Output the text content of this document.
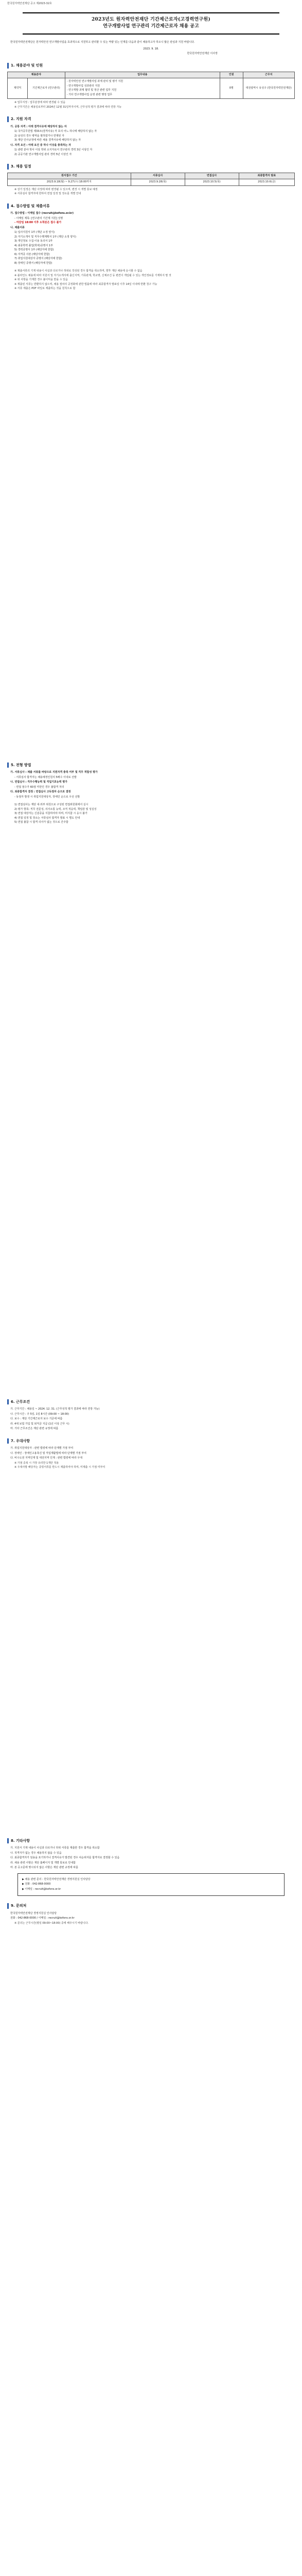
한국원자력안전재단 공고 제2023-32호
2023년도 원자력안전재단 기간제근로자(고경력연구원)
연구개발사업 연구관리 기간제근로자 채용 공고

한국원자력안전재단은 원자력안전 연구개발사업을 효과적으로 지원하고 관리할 수 있는 역량 있는 인재를 다음과 같이 채용하고자 하오니 많은 관심과 지원 바랍니다.

2023. 9. 18.
한국원자력안전재단 이사장
1. 채용분야 및 인원
채용분야		업무내용	인원	근무지
계약직	기간제근로자 (연구관리)	- 원자력안전 연구개발사업 과제 관리 및 평가 지원
- 연구개발사업 성과관리 지원
- 연구개발 과제 협약 및 정산 관련 업무 지원
- 기타 연구개발사업 운영 관련 행정 업무	0명	대전광역시 유성구 (한국원자력안전재단)

※ 업무지정 : 업무분장에 따라 변경될 수 있음

※ 근무기간은 채용일로부터 2024년 12월 31일까지이며, 근무성적 평가 결과에 따라 연장 가능

2. 지원 자격

가. 공통 자격 : 아래 결격사유에 해당하지 않는 자

1) 국가공무원법 제33조(결격사유) 각 호의 어느 하나에 해당하지 않는 자

2) 남성의 경우 병역을 필하였거나 면제된 자

3) 재단 인사규정에 따른 채용 결격사유에 해당하지 않는 자

나. 자격 요건 : 아래 요건 중 하나 이상을 충족하는 자

1) 관련 분야 학사 이상 학위 소지자로서 연구관리 경력 3년 이상인 자

2) 공공기관 연구개발사업 관리 경력 5년 이상인 자

3. 채용 일정
원서접수 기간	서류심사	면접심사	최종합격자 발표
2023.9.18(월) ~ 9.27(수) 18:00까지	2023.9.28(목)	2023.10.5(목)	2023.10.6(금)

※ 상기 일정은 재단 사정에 따라 변경될 수 있으며, 변경 시 개별 통보 예정

※ 서류심사 합격자에 한하여 면접 일정 및 장소를 개별 안내

4. 접수방법 및 제출서류

가. 접수방법 : 이메일 접수 (recruit@kofons.or.kr)

- 이메일 제목: [연구관리 기간제 지원] 성명

- 마감일 18:00 이후 도착분은 접수 불가

나. 제출서류

1) 입사지원서 1부 (재단 소정 양식)

2) 자기소개서 및 직무수행계획서 1부 (재단 소정 양식)

3) 개인정보 수집·이용 동의서 1부

4) 최종학력 졸업(학위)증명서 1부

5) 경력증명서 1부 (해당자에 한함)

6) 자격증 사본 (해당자에 한함)

7) 취업지원대상자 증명서 (해당자에 한함)

8) 장애인 증명서 (해당자에 한함)

※ 제출서류의 기재 내용이 사실과 다르거나 허위로 작성된 경우 합격을 취소하며, 향후 재단 채용에 응시할 수 없음

※ 블라인드 채용에 따라 지원서 및 자기소개서에 출신지역, 가족관계, 학교명, 신체조건 등 편견이 개입될 수 있는 개인정보를 기재하지 말 것

※ 위 사항을 기재한 경우 불이익을 받을 수 있음

※ 제출된 서류는 반환하지 않으며, 채용 절차의 공정화에 관한 법률에 따라 최종합격자 발표일 이후 14일 이내에 반환 청구 가능

※ 서류 제출은 PDF 파일로 제출하는 것을 원칙으로 함

5. 전형 방법

가. 서류심사 : 제출 서류를 바탕으로 지원자격 충족 여부 및 직무 적합성 평가

- 서류심사 합격자는 채용예정인원의 5배수 이내로 선발

나. 면접심사 : 직무수행능력 및 직업기초능력 평가

- 면접 점수가 60점 미만인 경우 불합격 처리

다. 최종합격자 결정 : 면접심사 고득점자 순으로 결정

- 동점자 발생 시 취업지원대상자, 장애인 순으로 우선 선발

1) 면접심사는 재단 내·외부 위원으로 구성된 면접위원회에서 실시

2) 평가 항목: 직무 전문성, 의사소통 능력, 조직 적응력, 책임감 및 성실성

3) 면접 대상자는 신분증을 지참하여야 하며, 미지참 시 응시 불가

4) 면접 일정 및 장소는 서류심사 합격자 발표 시 별도 안내

5) 면접 불참 시 합격 의사가 없는 것으로 간주함

6. 근무조건

가. 근무기간 : 채용일 ~ 2024. 12. 31. (근무성적 평가 결과에 따라 연장 가능)

나. 근무시간 : 주 5일, 1일 8시간 (09:00 ~ 18:00)

다. 보수 : 재단 기간제근로자 보수 기준에 따름

라. 4대 보험 가입 및 퇴직금 지급 (1년 이상 근무 시)

마. 기타 근무조건은 재단 관련 규정에 따름

7. 우대사항

가. 취업지원대상자 : 관련 법령에 따라 단계별 가점 부여

나. 장애인 : 장애인고용촉진 및 직업재활법에 따라 단계별 가점 부여

다. 비수도권 지역인재 및 대전지역 인재 : 관련 법령에 따라 우대

※ 가점 중복 시 가장 유리한 1개만 적용

※ 우대사항 해당자는 증빙서류를 반드시 제출하여야 하며, 미제출 시 가점 미부여

8. 기타사항

가. 지원서 기재 내용이 사실과 다르거나 허위 서류를 제출한 경우 합격을 취소함

나. 적격자가 없는 경우 채용하지 않을 수 있음

다. 최종합격자가 임용을 포기하거나 결격사유가 발견된 경우 차순위자를 합격자로 결정할 수 있음

라. 채용 관련 사항은 재단 홈페이지 및 개별 통보로 안내함

마. 본 공고문에 명시되지 않은 사항은 재단 관련 규정에 따름

▶ 채용 관련 문의 : 한국원자력안전재단 경영지원실 인사담당

▶ 전화 : 042-868-0000

▶ 이메일 : recruit@kofons.or.kr

9. 문의처

한국원자력안전재단 경영지원실 인사담당

전화 : 042-868-0000 / 이메일 : recruit@kofons.or.kr

※ 문의는 근무시간(평일 09:00~18:00) 중에 해주시기 바랍니다.
